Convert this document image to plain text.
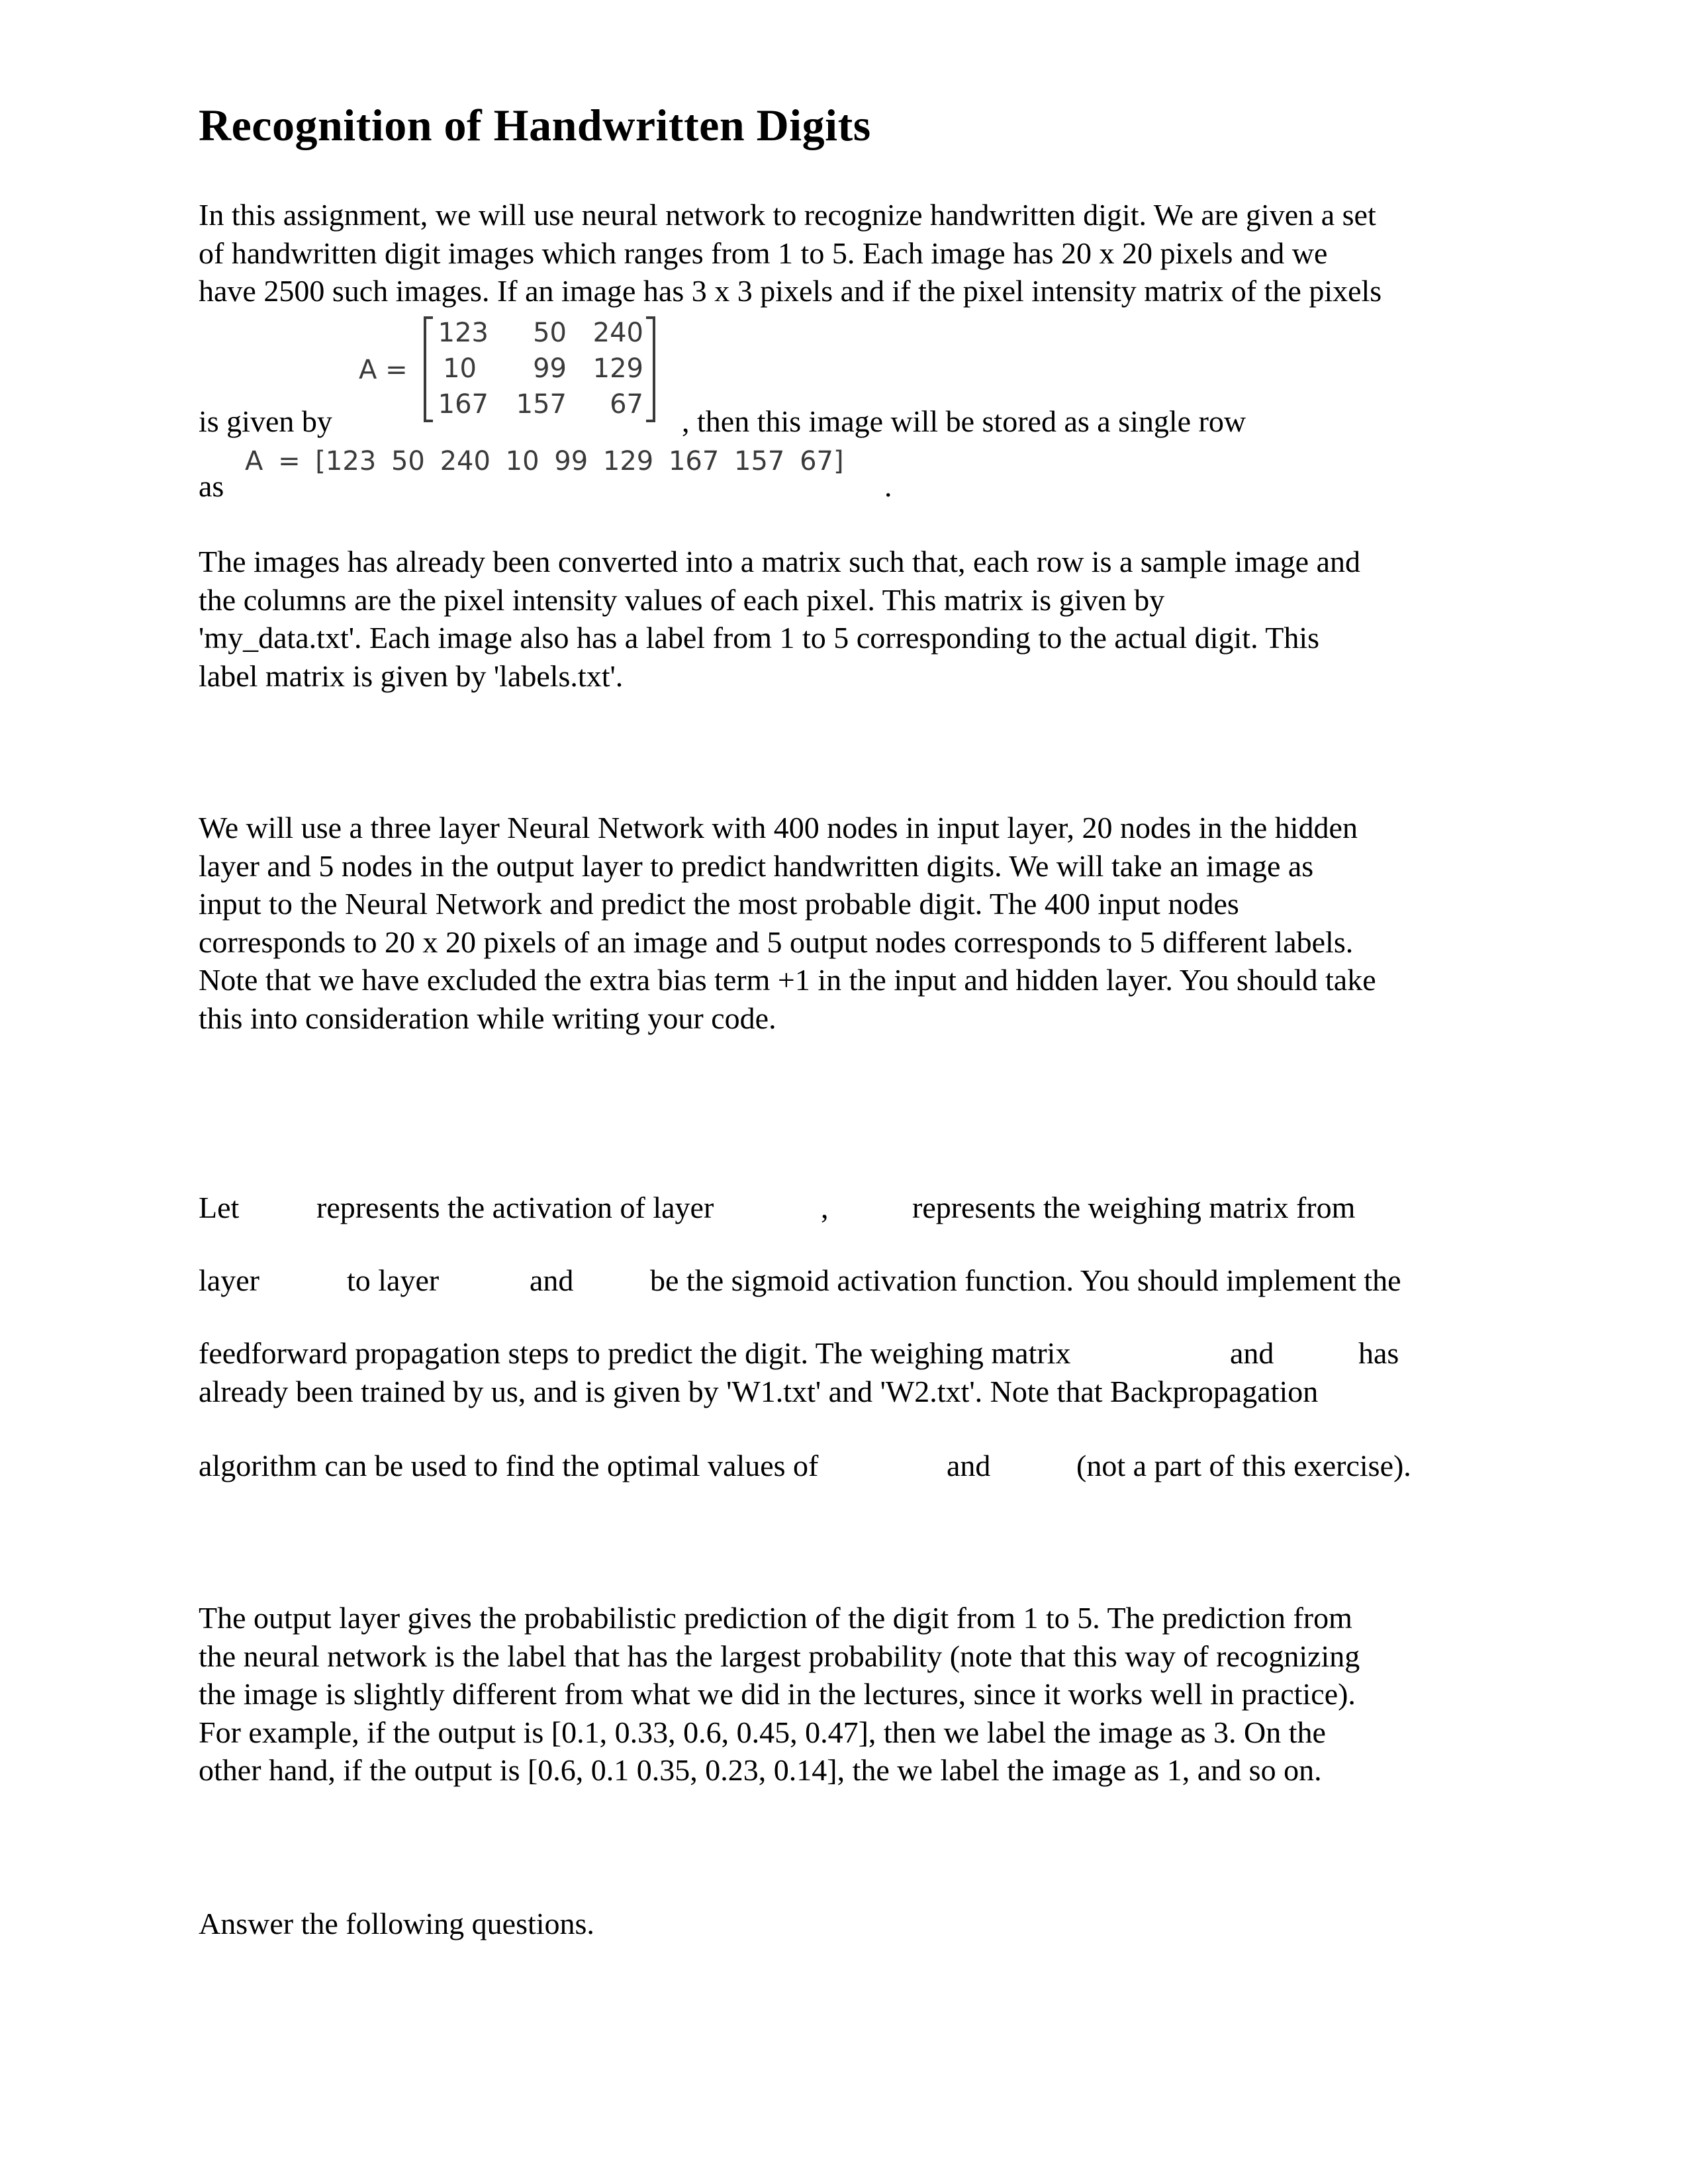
Recognition of Handwritten Digits
In this assignment, we will use neural network to recognize handwritten digit. We are given a set
of handwritten digit images which ranges from 1 to 5. Each image has 20 x 20 pixels and we
have 2500 such images. If an image has 3 x 3 pixels and if the pixel intensity matrix of the pixels
A =
123	50 240
10	99 129
167	157	67
is given by	, then this image will be stored as a single row
A = [123 50 240 10 99 129 167 157 67]
as	.
The images has already been converted into a matrix such that, each row is a sample image and
the columns are the pixel intensity values of each pixel. This matrix is given by
'my_data.txt'. Each image also has a label from 1 to 5 corresponding to the actual digit. This
label matrix is given by 'labels.txt'.
We will use a three layer Neural Network with 400 nodes in input layer, 20 nodes in the hidden
layer and 5 nodes in the output layer to predict handwritten digits. We will take an image as
input to the Neural Network and predict the most probable digit. The 400 input nodes
corresponds to 20 x 20 pixels of an image and 5 output nodes corresponds to 5 different labels.
Note that we have excluded the extra bias term +1 in the input and hidden layer. You should take
this into consideration while writing your code.
Let	represents the activation of layer	,	represents the weighing matrix from
layer	to layer	and	be the sigmoid activation function. You should implement the
feedforward propagation steps to predict the digit. The weighing matrix	and	has
already been trained by us, and is given by 'W1.txt' and 'W2.txt'. Note that Backpropagation
algorithm can be used to find the optimal values of	and	(not a part of this exercise).
The output layer gives the probabilistic prediction of the digit from 1 to 5. The prediction from
the neural network is the label that has the largest probability (note that this way of recognizing
the image is slightly different from what we did in the lectures, since it works well in practice).
For example, if the output is [0.1, 0.33, 0.6, 0.45, 0.47], then we label the image as 3. On the
other hand, if the output is [0.6, 0.1 0.35, 0.23, 0.14], the we label the image as 1, and so on.
Answer the following questions.
